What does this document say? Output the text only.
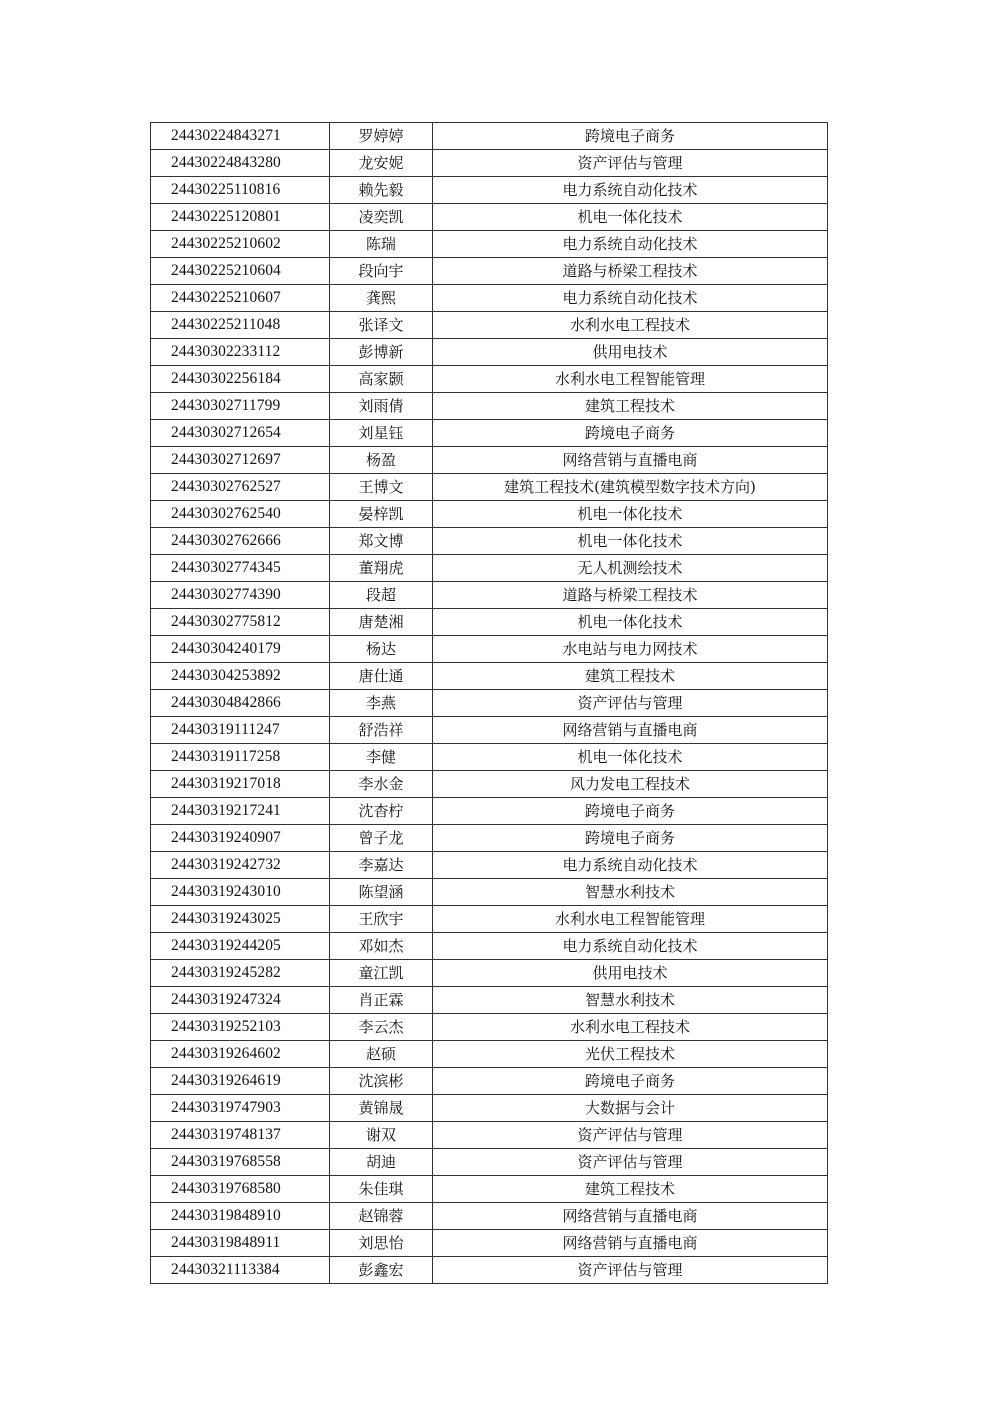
24430224843271	罗婷婷	跨境电子商务
24430224843280	龙安妮	资产评估与管理
24430225110816	赖先毅	电力系统自动化技术
24430225120801	凌奕凯	机电一体化技术
24430225210602	陈瑞	电力系统自动化技术
24430225210604	段向宇	道路与桥梁工程技术
24430225210607	龚熙	电力系统自动化技术
24430225211048	张译文	水利水电工程技术
24430302233112	彭博新	供用电技术
24430302256184	高家颢	水利水电工程智能管理
24430302711799	刘雨倩	建筑工程技术
24430302712654	刘星钰	跨境电子商务
24430302712697	杨盈	网络营销与直播电商
24430302762527	王博文	建筑工程技术(建筑模型数字技术方向)
24430302762540	晏梓凯	机电一体化技术
24430302762666	郑文博	机电一体化技术
24430302774345	董翔虎	无人机测绘技术
24430302774390	段超	道路与桥梁工程技术
24430302775812	唐楚湘	机电一体化技术
24430304240179	杨达	水电站与电力网技术
24430304253892	唐仕通	建筑工程技术
24430304842866	李燕	资产评估与管理
24430319111247	舒浩祥	网络营销与直播电商
24430319117258	李健	机电一体化技术
24430319217018	李水金	风力发电工程技术
24430319217241	沈杳柠	跨境电子商务
24430319240907	曾子龙	跨境电子商务
24430319242732	李嘉达	电力系统自动化技术
24430319243010	陈望涵	智慧水利技术
24430319243025	王欣宇	水利水电工程智能管理
24430319244205	邓如杰	电力系统自动化技术
24430319245282	童江凯	供用电技术
24430319247324	肖正霖	智慧水利技术
24430319252103	李云杰	水利水电工程技术
24430319264602	赵硕	光伏工程技术
24430319264619	沈滨彬	跨境电子商务
24430319747903	黄锦晟	大数据与会计
24430319748137	谢双	资产评估与管理
24430319768558	胡迪	资产评估与管理
24430319768580	朱佳琪	建筑工程技术
24430319848910	赵锦蓉	网络营销与直播电商
24430319848911	刘思怡	网络营销与直播电商
24430321113384	彭鑫宏	资产评估与管理
